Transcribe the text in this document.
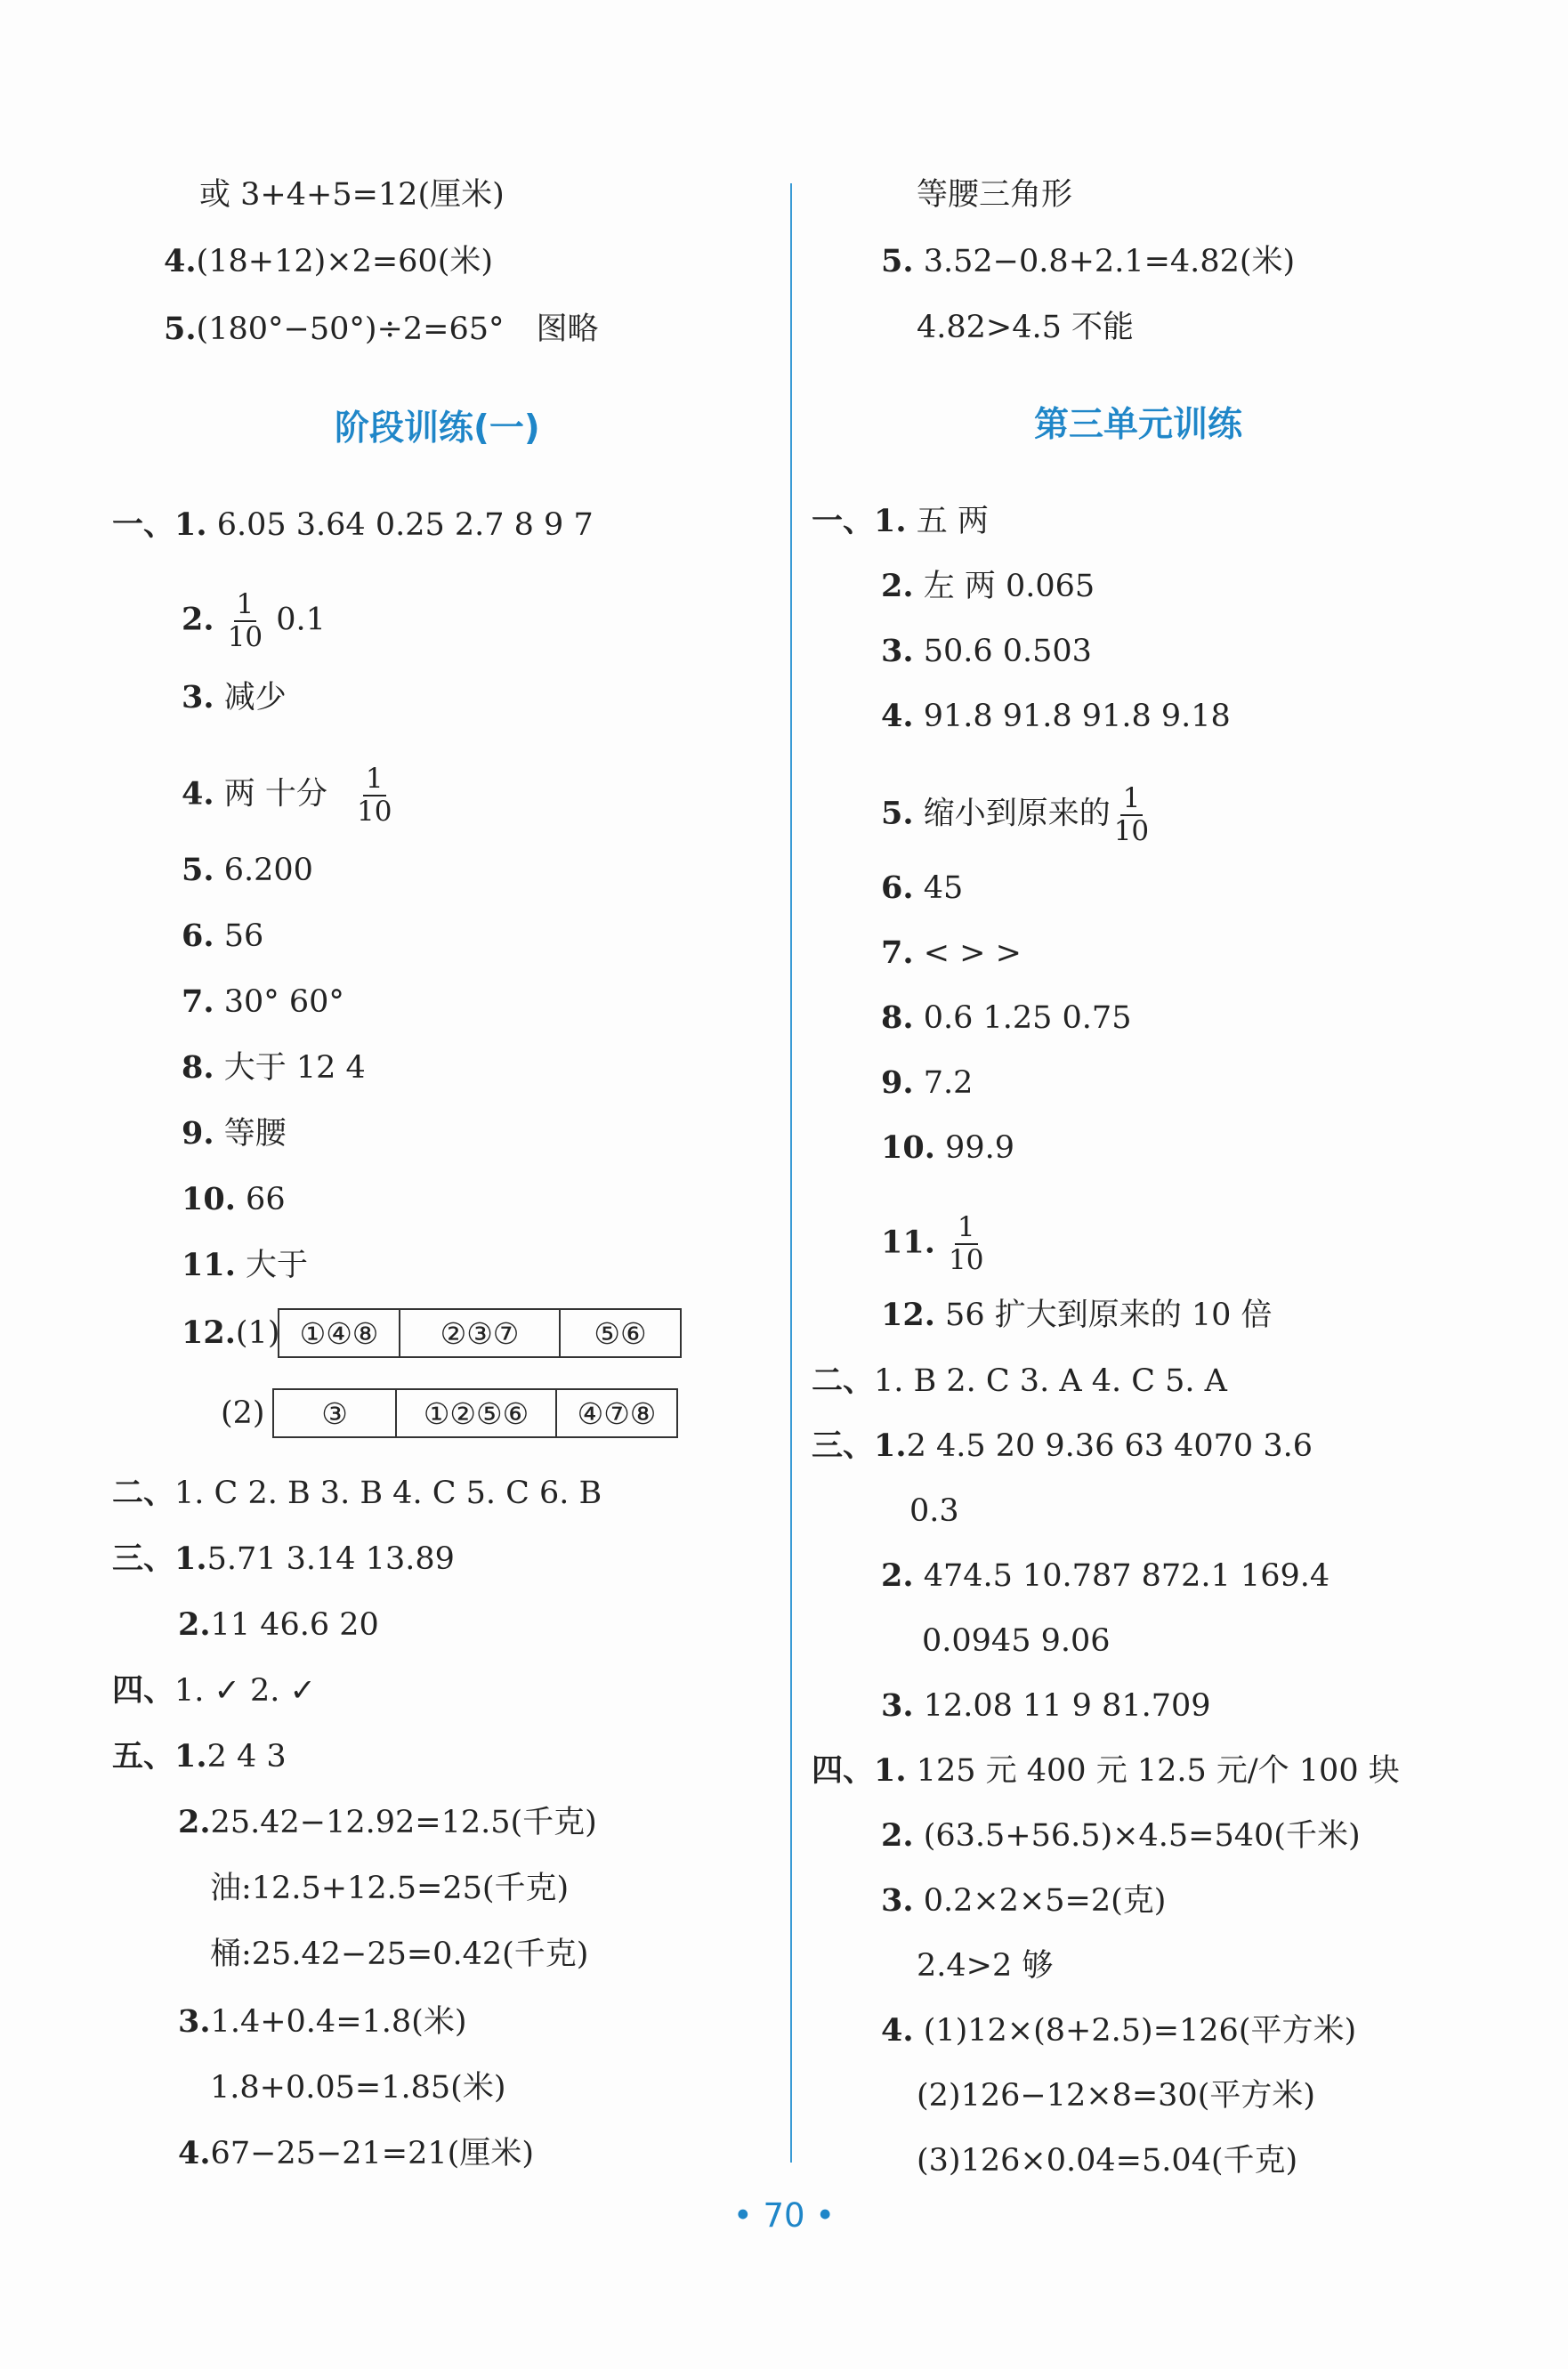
或 3+4+5=12(厘米)
4.(18+12)×2=60(米)
5.(180°−50°)÷2=65° 图略
阶段训练(一)
一、1. 6.05 3.64 0.25 2.7 8 9 7
2. $\frac{1}{10} 0.1$
3. 减少
4. 两 十分 $\frac{1}{10}$
5. 6.200
6. 56
7. 30° 60°
8. 大于 12 4
9. 等腰
10. 66
11. 大于
12.(1) ①④⑧	②③⑦	⑤⑥
(2)	③	①②⑤⑥	④⑦⑧
二、1. C 2. B 3. B 4. C 5. C 6. B
三、1.5.71 3.14 13.89
2.11 46.6 20
四、1. ✓ 2. ✓
五、1.2 4 3
2.25.42−12.92=12.5(千克)
油:12.5+12.5=25(千克)
桶:25.42−25=0.42(千克)
3.1.4+0.4=1.8(米)
1.8+0.05=1.85(米)
4.67−25−21=21(厘米)
等腰三角形
5. 3.52−0.8+2.1=4.82(米)
4.82>4.5 不能
第三单元训练
一、1. 五 两
2. 左 两 0.065
3. 50.6 0.503
4. 91.8 91.8 91.8 9.18
5. 缩小到原来的 $\frac{1}{10}$
6. 45
7. < > >
8. 0.6 1.25 0.75
9. 7.2
10. 99.9
11. $\frac{1}{10}$
12. 56 扩大到原来的 10 倍
二、1. B 2. C 3. A 4. C 5. A
三、1.2 4.5 20 9.36 63 4070 3.6
0.3
2. 474.5 10.787 872.1 169.4
0.0945 9.06
3. 12.08 11 9 81.709
四、1. 125 元 400 元 12.5 元/个 100 块
2. (63.5+56.5)×4.5=540(千米)
3. 0.2×2×5=2(克)
2.4>2 够
4. (1)12×(8+2.5)=126(平方米)
(2)126−12×8=30(平方米)
(3)126×0.04=5.04(千克)
• 70 •
